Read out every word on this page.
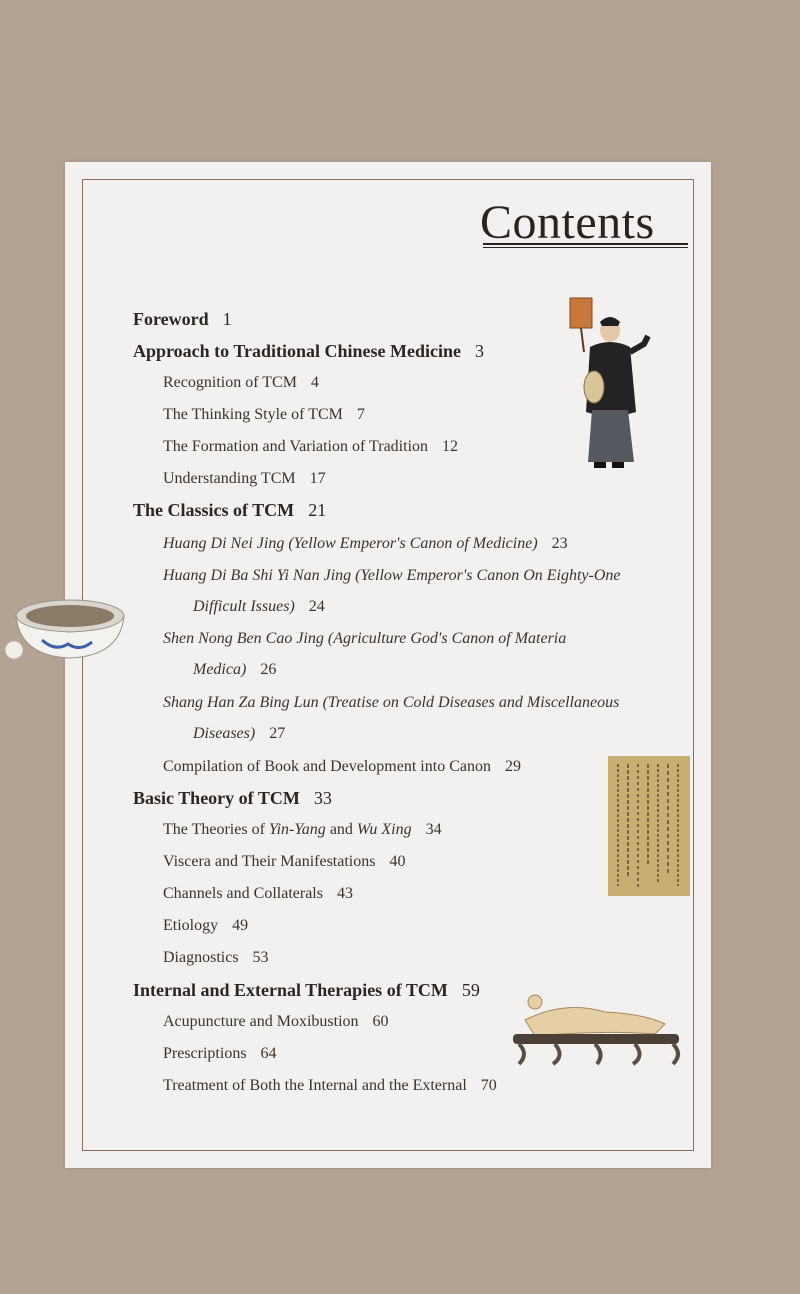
Contents
Foreword 1
Approach to Traditional Chinese Medicine 3
Recognition of TCM 4
The Thinking Style of TCM 7
The Formation and Variation of Tradition 12
Understanding TCM 17
The Classics of TCM 21
Huang Di Nei Jing (Yellow Emperor's Canon of Medicine) 23
Huang Di Ba Shi Yi Nan Jing (Yellow Emperor's Canon On Eighty-One
Difficult Issues) 24
Shen Nong Ben Cao Jing (Agriculture God's Canon of Materia
Medica) 26
Shang Han Za Bing Lun (Treatise on Cold Diseases and Miscellaneous
Diseases) 27
Compilation of Book and Development into Canon 29
Basic Theory of TCM 33
The Theories of Yin-Yang and Wu Xing 34
Viscera and Their Manifestations 40
Channels and Collaterals 43
Etiology 49
Diagnostics 53
Internal and External Therapies of TCM 59
Acupuncture and Moxibustion 60
Prescriptions 64
Treatment of Both the Internal and the External 70
